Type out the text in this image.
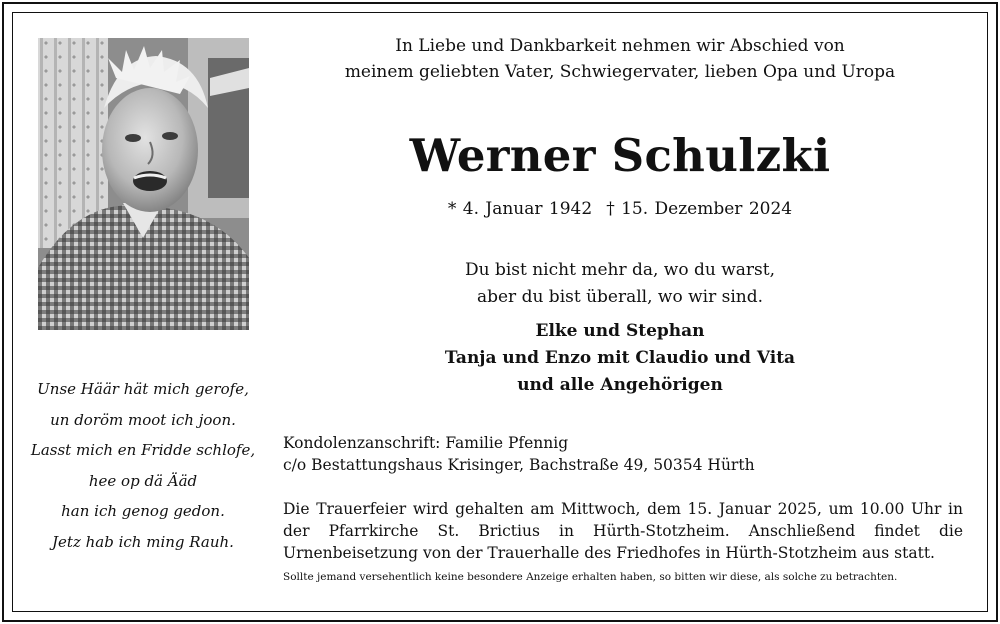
Unse Häär hät mich gerofe,
un doröm moot ich joon.
Lasst mich en Fridde schlofe,
hee op dä Ääd
han ich genog gedon.
Jetz hab ich ming Rauh.
In Liebe und Dankbarkeit nehmen wir Abschied von
meinem geliebten Vater, Schwiegervater, lieben Opa und Uropa
Werner Schulzki
* 4. Januar 1942 † 15. Dezember 2024
Du bist nicht mehr da, wo du warst,
aber du bist überall, wo wir sind.
Elke und Stephan
Tanja und Enzo mit Claudio und Vita
und alle Angehörigen
Kondolenzanschrift: Familie Pfennig
c/o Bestattungshaus Krisinger, Bachstraße 49, 50354 Hürth
Die Trauerfeier wird gehalten am Mittwoch, dem 15. Januar 2025, um 10.00 Uhr in der Pfarrkirche St. Brictius in Hürth-Stotzheim. Anschließend findet die Urnenbeisetzung von der Trauerhalle des Friedhofes in Hürth-Stotzheim aus statt.
Sollte jemand versehentlich keine besondere Anzeige erhalten haben, so bitten wir diese, als solche zu betrachten.
